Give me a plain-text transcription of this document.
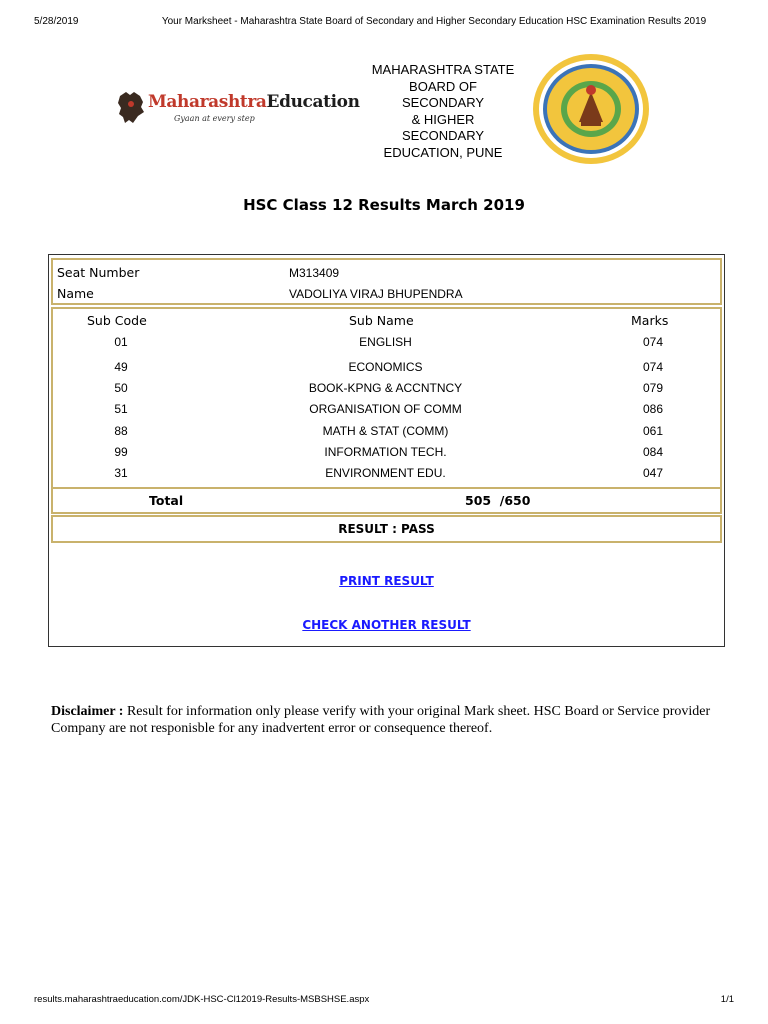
5/28/2019	Your Marksheet - Maharashtra State Board of Secondary and Higher Secondary Education HSC Examination Results 2019
MaharashtraEducation
Gyaan at every step
MAHARASHTRA STATE
BOARD OF
SECONDARY
& HIGHER
SECONDARY
EDUCATION, PUNE
HSC Class 12 Results March 2019
Seat Number	M313409
Name	VADOLIYA VIRAJ BHUPENDRA
Sub Code	Sub Name	Marks
01	ENGLISH	074
49	ECONOMICS	074
50	BOOK-KPNG & ACCNTNCY	079
51	ORGANISATION OF COMM	086
88	MATH & STAT (COMM)	061
99	INFORMATION TECH.	084
31	ENVIRONMENT EDU.	047
Total	505  /650
RESULT : PASS
PRINT RESULT
CHECK ANOTHER RESULT
Disclaimer : Result for information only please verify with your original Mark sheet. HSC Board or Service provider Company are not responisble for any inadvertent error or consequence thereof.
results.maharashtraeducation.com/JDK-HSC-Cl12019-Results-MSBSHSE.aspx	1/1
